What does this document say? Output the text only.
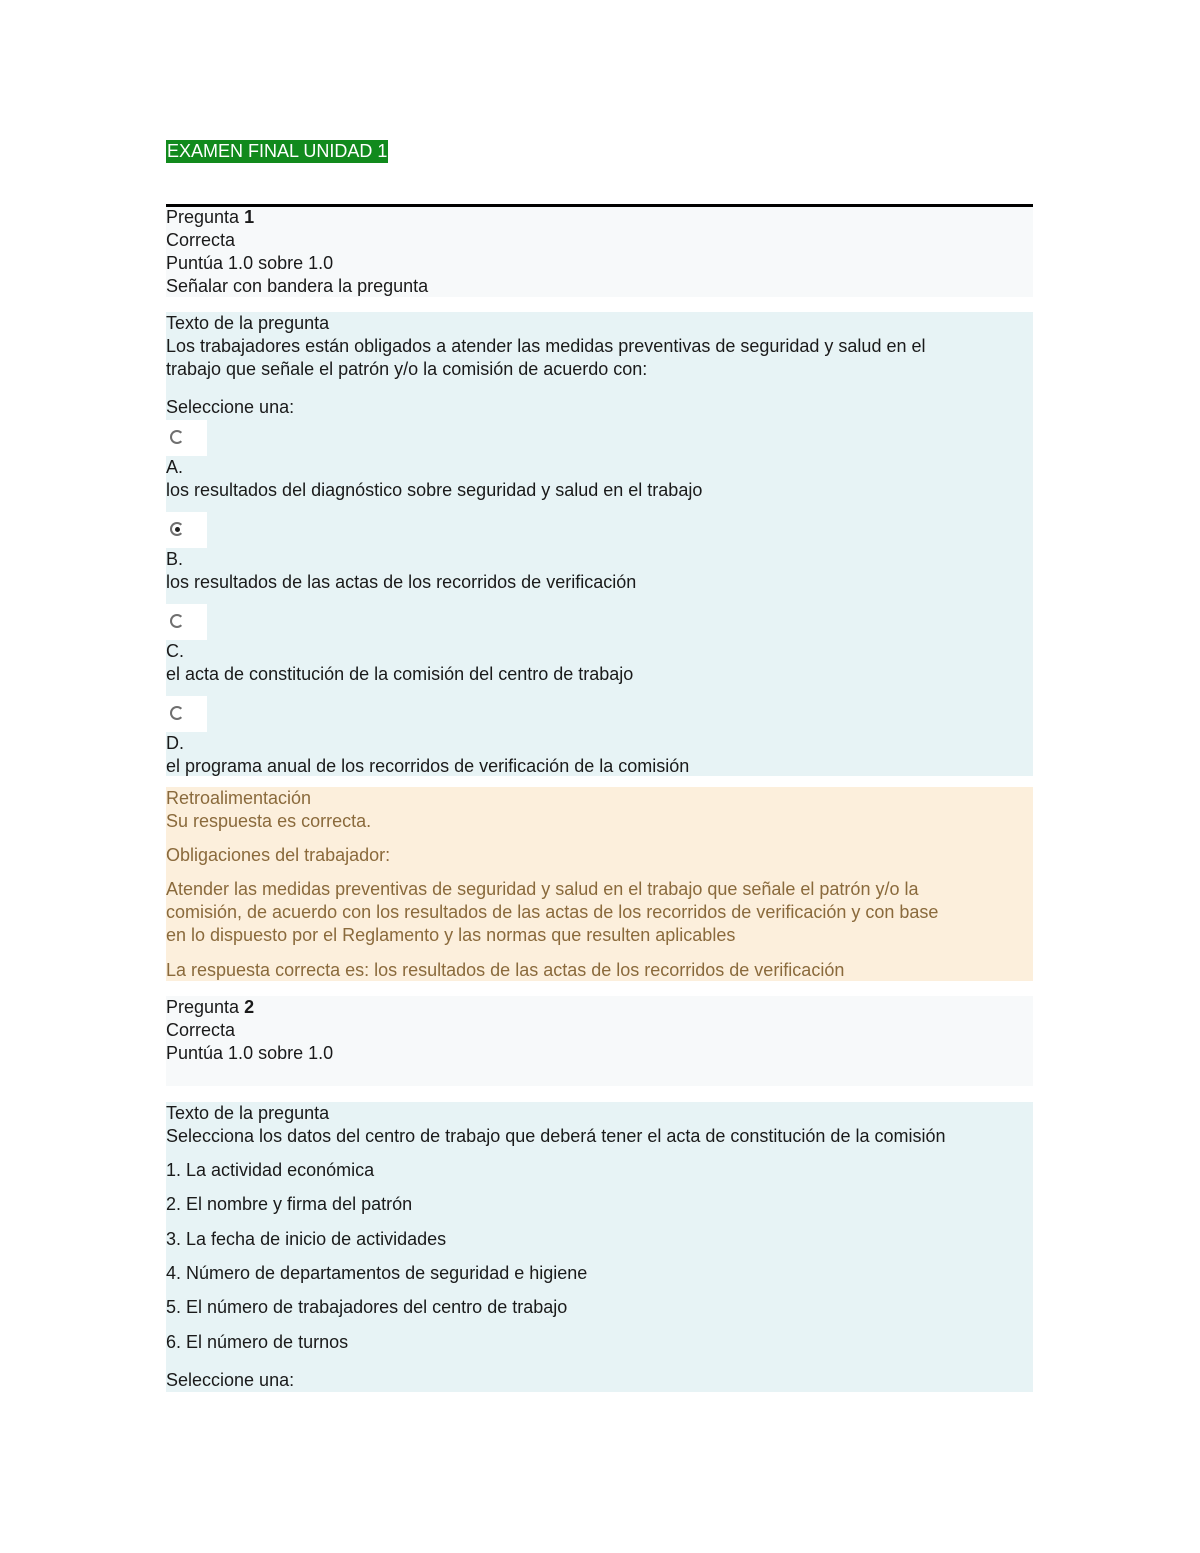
EXAMEN FINAL UNIDAD 1
Pregunta 1
Correcta
Puntúa 1.0 sobre 1.0
Señalar con bandera la pregunta
Texto de la pregunta
Los trabajadores están obligados a atender las medidas preventivas de seguridad y salud en el
trabajo que señale el patrón y/o la comisión de acuerdo con:
Seleccione una:
A.
los resultados del diagnóstico sobre seguridad y salud en el trabajo
B.
los resultados de las actas de los recorridos de verificación
C.
el acta de constitución de la comisión del centro de trabajo
D.
el programa anual de los recorridos de verificación de la comisión
Retroalimentación
Su respuesta es correcta.
Obligaciones del trabajador:
Atender las medidas preventivas de seguridad y salud en el trabajo que señale el patrón y/o la
comisión, de acuerdo con los resultados de las actas de los recorridos de verificación y con base
en lo dispuesto por el Reglamento y las normas que resulten aplicables
La respuesta correcta es: los resultados de las actas de los recorridos de verificación
Pregunta 2
Correcta
Puntúa 1.0 sobre 1.0
Texto de la pregunta
Selecciona los datos del centro de trabajo que deberá tener el acta de constitución de la comisión
1. La actividad económica
2. El nombre y firma del patrón
3. La fecha de inicio de actividades
4. Número de departamentos de seguridad e higiene
5. El número de trabajadores del centro de trabajo
6. El número de turnos
Seleccione una:
